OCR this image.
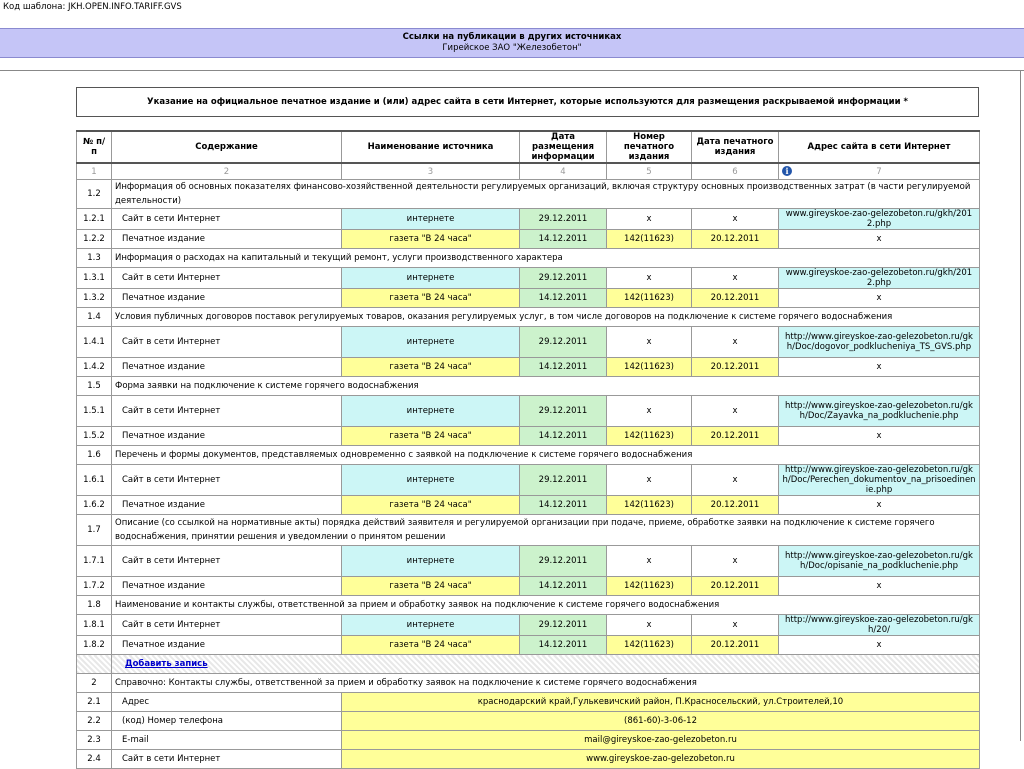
Код шаблона: JKH.OPEN.INFO.TARIFF.GVS
Ссылки на публикации в других источниках
Гирейское ЗАО "Железобетон"
Указание на официальное печатное издание и (или) адрес сайта в сети Интернет, которые используются для размещения раскрываемой информации *
№ п/п	Содержание	Наименование источника	Дата размещения информации	Номер печатного издания	Дата печатного издания	Адрес сайта в сети Интернет
1	2	3	4	5	6	i 7
1.2	Информация об основных показателях финансово-хозяйственной деятельности регулируемых организаций, включая структуру основных производственных затрат (в части регулируемой деятельности)					
1.2.1	Сайт в сети Интернет	интернете	29.12.2011	x	x	www.gireyskoe-zao-gelezobeton.ru/gkh/2012.php
1.2.2	Печатное издание	газета "В 24 часа"	14.12.2011	142(11623)	20.12.2011	x
1.3	Информация о расходах на капитальный и текущий ремонт, услуги производственного характера					
1.3.1	Сайт в сети Интернет	интернете	29.12.2011	x	x	www.gireyskoe-zao-gelezobeton.ru/gkh/2012.php
1.3.2	Печатное издание	газета "В 24 часа"	14.12.2011	142(11623)	20.12.2011	x
1.4	Условия публичных договоров поставок регулируемых товаров, оказания регулируемых услуг, в том числе договоров на подключение к системе горячего водоснабжения					
1.4.1	Сайт в сети Интернет	интернете	29.12.2011	x	x	http://www.gireyskoe-zao-gelezobeton.ru/gkh/Doc/dogovor_podklucheniya_TS_GVS.php
1.4.2	Печатное издание	газета "В 24 часа"	14.12.2011	142(11623)	20.12.2011	x
1.5	Форма заявки на подключение к системе горячего водоснабжения					
1.5.1	Сайт в сети Интернет	интернете	29.12.2011	x	x	http://www.gireyskoe-zao-gelezobeton.ru/gkh/Doc/Zayavka_na_podkluchenie.php
1.5.2	Печатное издание	газета "В 24 часа"	14.12.2011	142(11623)	20.12.2011	x
1.6	Перечень и формы документов, представляемых одновременно с заявкой на подключение к системе горячего водоснабжения					
1.6.1	Сайт в сети Интернет	интернете	29.12.2011	x	x	http://www.gireyskoe-zao-gelezobeton.ru/gkh/Doc/Perechen_dokumentov_na_prisoedinenie.php
1.6.2	Печатное издание	газета "В 24 часа"	14.12.2011	142(11623)	20.12.2011	x
1.7	Описание (со ссылкой на нормативные акты) порядка действий заявителя и регулируемой организации при подаче, приеме, обработке заявки на подключение к системе горячего водоснабжения, принятии решения и уведомлении о принятом решении					
1.7.1	Сайт в сети Интернет	интернете	29.12.2011	x	x	http://www.gireyskoe-zao-gelezobeton.ru/gkh/Doc/opisanie_na_podkluchenie.php
1.7.2	Печатное издание	газета "В 24 часа"	14.12.2011	142(11623)	20.12.2011	x
1.8	Наименование и контакты службы, ответственной за прием и обработку заявок на подключение к системе горячего водоснабжения					
1.8.1	Сайт в сети Интернет	интернете	29.12.2011	x	x	http://www.gireyskoe-zao-gelezobeton.ru/gkh/20/
1.8.2	Печатное издание	газета "В 24 часа"	14.12.2011	142(11623)	20.12.2011	x
	Добавить запись					
2	Справочно: Контакты службы, ответственной за прием и обработку заявок на подключение к системе горячего водоснабжения					
2.1	Адрес	краснодарский край,Гулькевичский район, П.Красносельский, ул.Строителей,10				
2.2	(код) Номер телефона	(861-60)-3-06-12				
2.3	E-mail	mail@gireyskoe-zao-gelezobeton.ru				
2.4	Сайт в сети Интернет	www.gireyskoe-zao-gelezobeton.ru				
